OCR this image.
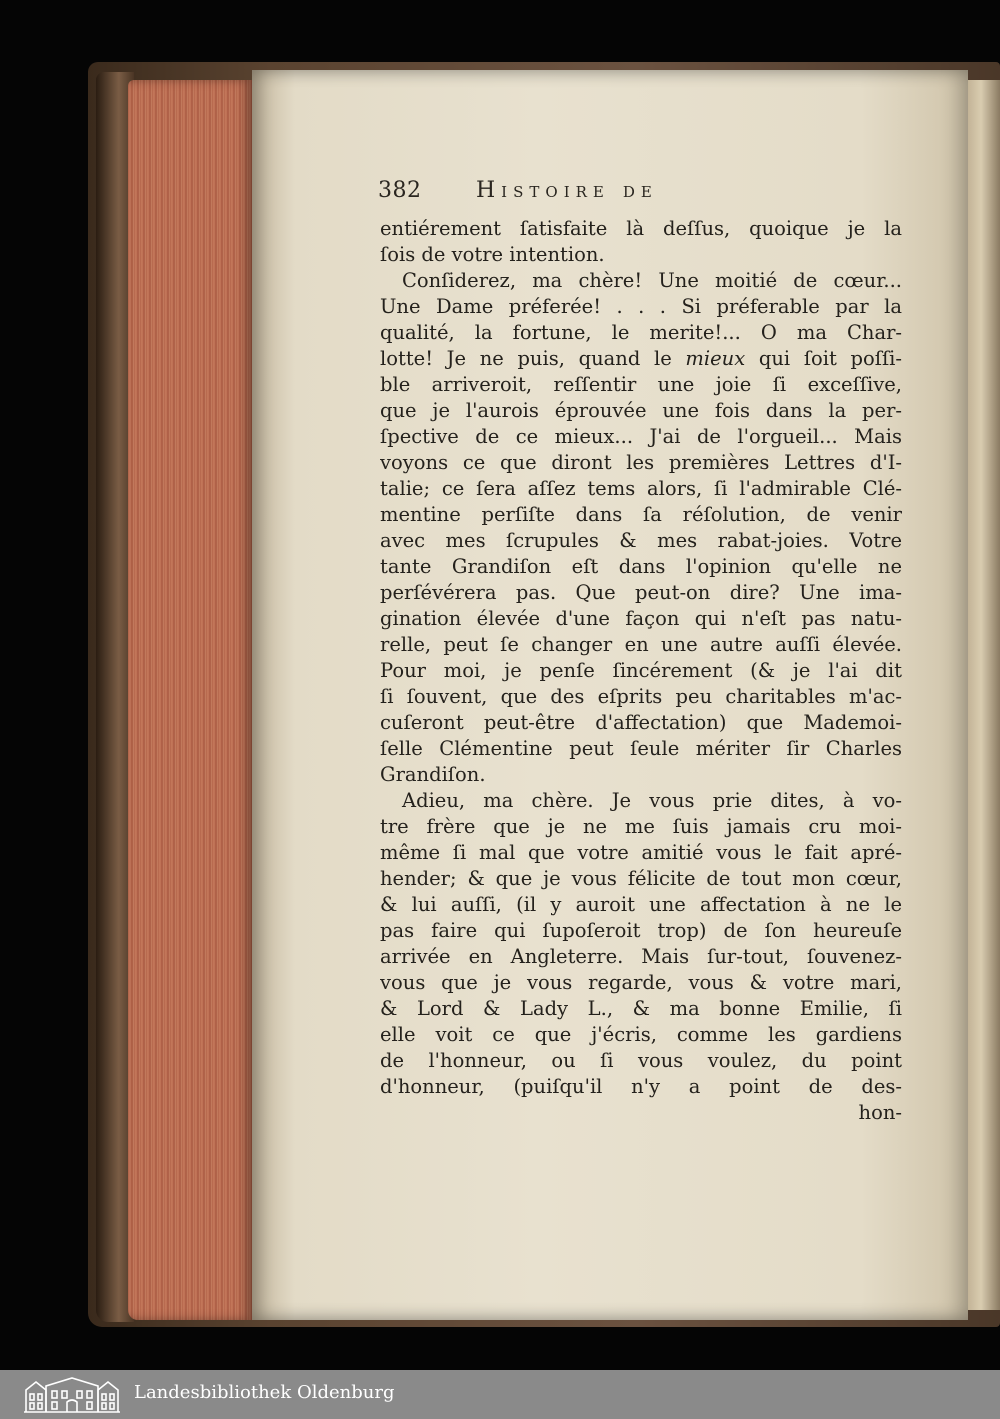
382 Histoire de
entiérement ſatisfaite là deſſus, quoique je la
ſois de votre intention.
Conſiderez, ma chère! Une moitié de cœur...
Une Dame préferée! . . . Si préferable par la
qualité, la fortune, le merite!... O ma Char-
lotte! Je ne puis, quand le mieux qui ſoit poſſi-
ble arriveroit, reſſentir une joie ſi exceſſive,
que je l'aurois éprouvée une fois dans la per-
ſpective de ce mieux... J'ai de l'orgueil... Mais
voyons ce que diront les premières Lettres d'I-
talie; ce ſera aſſez tems alors, ſi l'admirable Clé-
mentine perſiſte dans ſa réſolution, de venir
avec mes ſcrupules & mes rabat-joies. Votre
tante Grandiſon eſt dans l'opinion qu'elle ne
perſévérera pas. Que peut-on dire? Une ima-
gination élevée d'une façon qui n'eſt pas natu-
relle, peut ſe changer en une autre auſſi élevée.
Pour moi, je penſe ſincérement (& je l'ai dit
ſi ſouvent, que des eſprits peu charitables m'ac-
cuſeront peut-être d'affectation) que Mademoi-
ſelle Clémentine peut ſeule mériter ſir Charles
Grandiſon.
Adieu, ma chère. Je vous prie dites, à vo-
tre frère que je ne me ſuis jamais cru moi-
même ſi mal que votre amitié vous le fait apré-
hender; & que je vous félicite de tout mon cœur,
& lui auſſi, (il y auroit une affectation à ne le
pas faire qui ſupoſeroit trop) de ſon heureuſe
arrivée en Angleterre. Mais ſur-tout, ſouvenez-
vous que je vous regarde, vous & votre mari,
& Lord & Lady L., & ma bonne Emilie, ſi
elle voit ce que j'écris, comme les gardiens
de l'honneur, ou ſi vous voulez, du point
d'honneur, (puiſqu'il n'y a point de des-
hon-
Landesbibliothek Oldenburg
